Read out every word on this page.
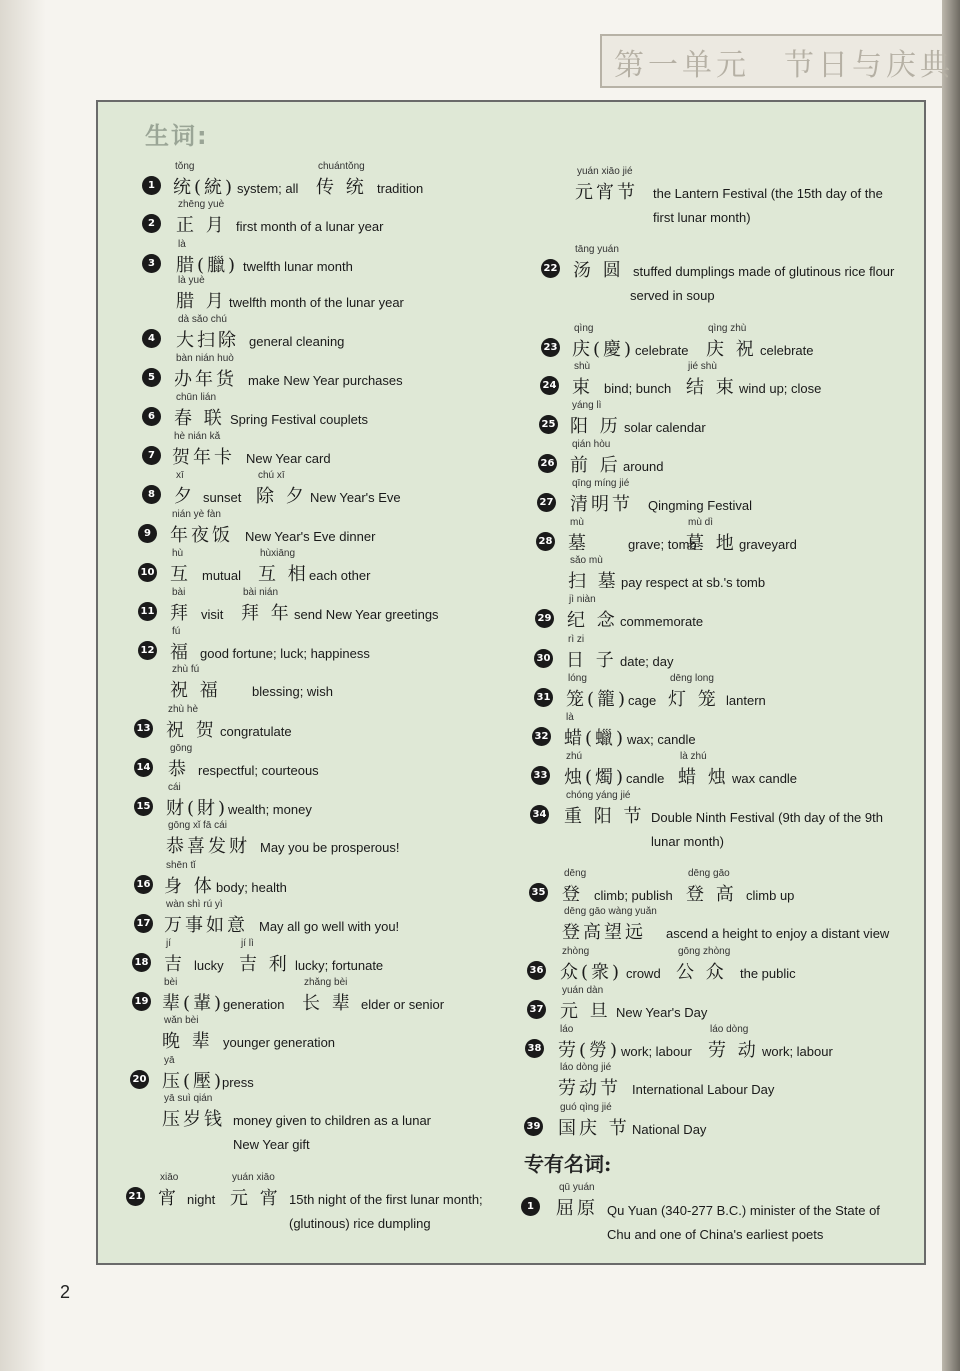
第一单元　节日与庆典
生词:
1
tǒng
统(統) system; all
chuántǒng
传 统 tradition
2
zhēng yuè
正 月 first month of a lunar year
3
là
腊(臘) twelfth lunar month
là yuè
腊 月 twelfth month of the lunar year
4
dà sǎo chú
大扫除 general cleaning
5
bàn nián huò
办年货 make New Year purchases
6
chūn lián
春 联 Spring Festival couplets
7
hè nián kǎ
贺年卡 New Year card
8
xī
夕 sunset
chú xī
除 夕 New Year's Eve
9
nián yè fàn
年夜饭 New Year's Eve dinner
10
hù
互 mutual
hùxiāng
互 相 each other
11
bài
拜 visit
bài nián
拜 年 send New Year greetings
12
fú
福 good fortune; luck; happiness
zhù fú
祝 福 blessing; wish
13
zhù hè
祝 贺 congratulate
14
gōng
恭 respectful; courteous
15
cái
财(財) wealth; money
gōng xǐ fā cái
恭喜发财 May you be prosperous!
16
shēn tǐ
身 体 body; health
17
wàn shì rú yì
万事如意 May all go well with you!
18
jí
吉 lucky
jí lì
吉 利 lucky; fortunate
19
bèi
辈(輩)
generation
zhǎng bèi
长 辈 elder or senior
wǎn bèi
晚 辈 younger generation
20
yā
压(壓)
press
yā suì qián
压岁钱 money given to children as a lunar
New Year gift
21
xiāo
宵 night
yuán xiāo
元 宵 15th night of the first lunar month;
(glutinous) rice dumpling
yuán xiāo jié
元宵节 the Lantern Festival (the 15th day of the
first lunar month)
22
tāng yuán
汤 圆 stuffed dumplings made of glutinous rice flour
served in soup
23
qìng
庆(慶) celebrate
qìng zhù
庆 祝 celebrate
24
shù
束 bind; bunch
jié shù
结 束 wind up; close
25
yáng lì
阳 历 solar calendar
26
qián hòu
前 后 around
27
qīng míng jié
清明节 Qingming Festival
28
mù
墓	grave; tomb
mù dì
墓 地 graveyard
sǎo mù
扫 墓 pay respect at sb.'s tomb
29
jì niàn
纪 念 commemorate
30
rì zi
日 子 date; day
31
lóng
笼(籠) cage
dēng long
灯 笼 lantern
32
là
蜡(蠟) wax; candle
33
zhú
烛(燭) candle
là zhú
蜡 烛 wax candle
34
chóng yáng jié
重 阳 节 Double Ninth Festival (9th day of the 9th
lunar month)
35
dēng
登 climb; publish
dēng gāo
登 高 climb up
dēng gāo wàng yuǎn
登高望远 ascend a height to enjoy a distant view
36
zhòng
众(衆) crowd
gōng zhòng
公 众 the public
37
yuán dàn
元 旦 New Year's Day
38
láo
劳(勞) work; labour
láo dòng
劳 动 work; labour
láo dòng jié
劳动节 International Labour Day
39
guó qìng jié
国庆 节 National Day
专有名词:
1
qū yuán
屈原 Qu Yuan (340-277 B.C.) minister of the State of
Chu and one of China's earliest poets
2
